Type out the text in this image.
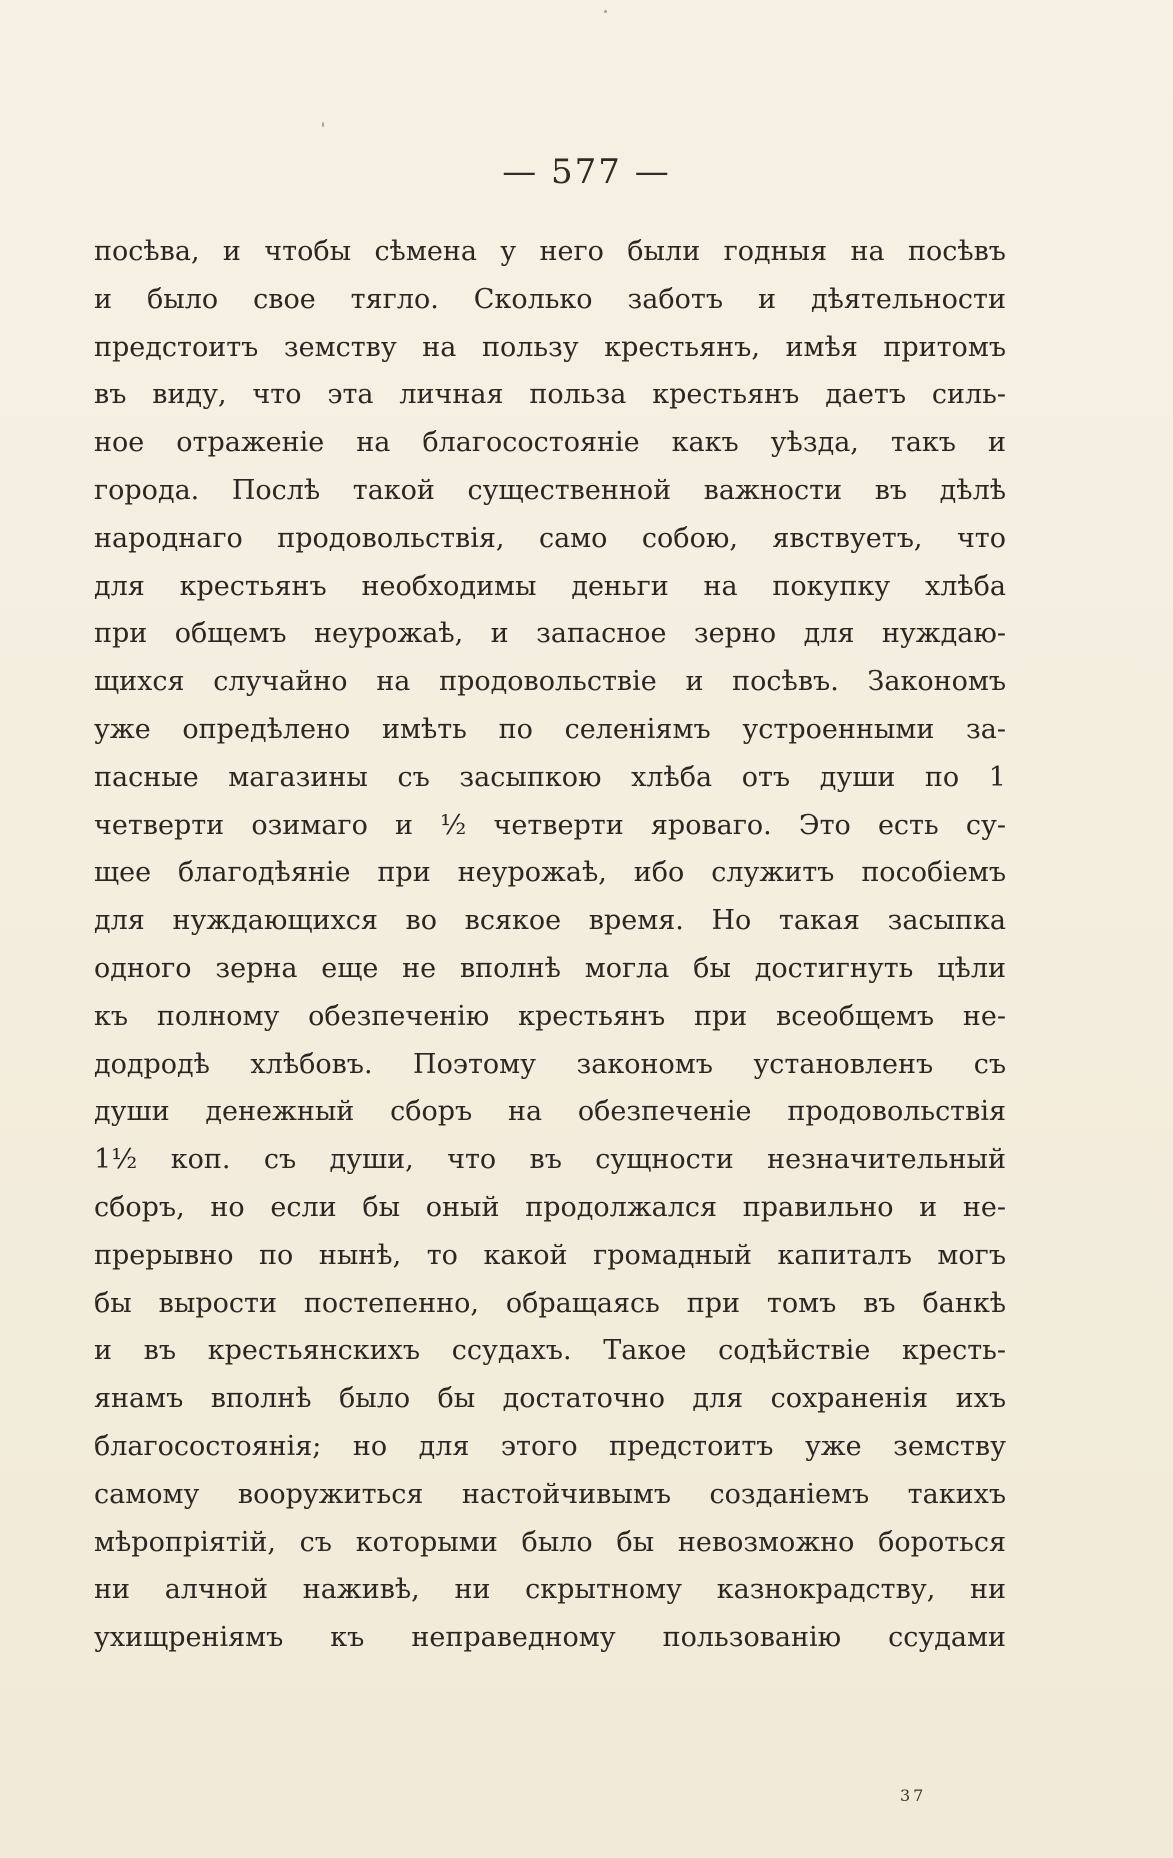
— 577 —
посѣва, и чтобы сѣмена у него были годныя на посѣвъ
и было свое тягло. Сколько заботъ и дѣятельности
предстоитъ земству на пользу крестьянъ, имѣя притомъ
въ виду, что эта личная польза крестьянъ даетъ силь-
ное отраженіе на благосостояніе какъ уѣзда, такъ и
города. Послѣ такой существенной важности въ дѣлѣ
народнаго продовольствія, само собою, явствуетъ, что
для крестьянъ необходимы деньги на покупку хлѣба
при общемъ неурожаѣ, и запасное зерно для нуждаю-
щихся случайно на продовольствіе и посѣвъ. Закономъ
уже опредѣлено имѣть по селеніямъ устроенными за-
пасные магазины съ засыпкою хлѣба отъ души по 1
четверти озимаго и ½ четверти яроваго. Это есть су-
щее благодѣяніе при неурожаѣ, ибо служитъ пособіемъ
для нуждающихся во всякое время. Но такая засыпка
одного зерна еще не вполнѣ могла бы достигнуть цѣли
къ полному обезпеченію крестьянъ при всеобщемъ не-
додродѣ хлѣбовъ. Поэтому закономъ установленъ съ
души денежный сборъ на обезпеченіе продовольствія
1½ коп. съ души, что въ сущности незначительный
сборъ, но если бы оный продолжался правильно и не-
прерывно по нынѣ, то какой громадный капиталъ могъ
бы вырости постепенно, обращаясь при томъ въ банкѣ
и въ крестьянскихъ ссудахъ. Такое содѣйствіе кресть-
янамъ вполнѣ было бы достаточно для сохраненія ихъ
благосостоянія; но для этого предстоитъ уже земству
самому вооружиться настойчивымъ созданіемъ такихъ
мѣропріятій, съ которыми было бы невозможно бороться
ни алчной наживѣ, ни скрытному казнокрадству, ни
ухищреніямъ къ неправедному пользованію ссудами
37
